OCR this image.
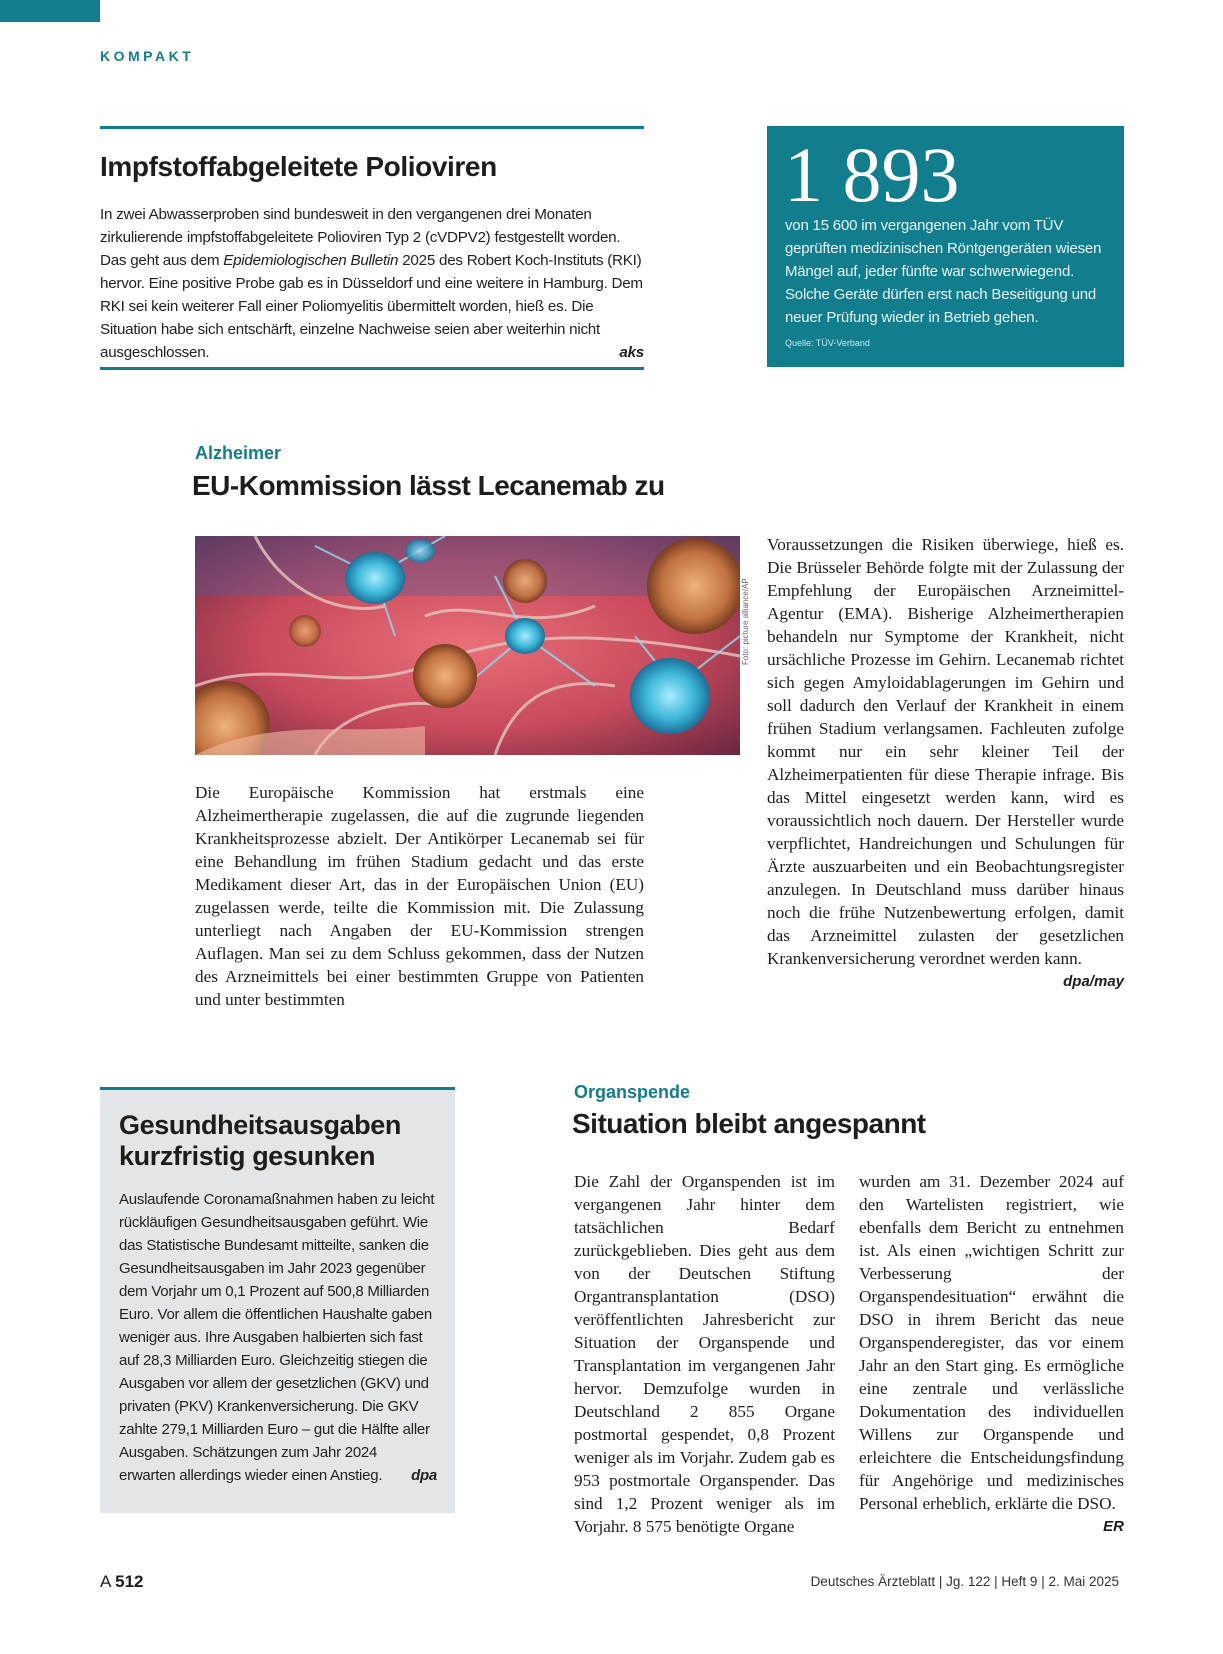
KOMPAKT
Impfstoffabgeleitete Polioviren
In zwei Abwasserproben sind bundesweit in den vergangenen drei Monaten zirkulierende impfstoffabgeleitete Polioviren Typ 2 (cVDPV2) festgestellt worden. Das geht aus dem Epidemiologischen Bulletin 2025 des Robert Koch-Instituts (RKI) hervor. Eine positive Probe gab es in Düsseldorf und eine weitere in Hamburg. Dem RKI sei kein weiterer Fall einer Poliomyelitis übermittelt worden, hieß es. Die Situation habe sich entschärft, einzelne Nachweise seien aber weiterhin nicht ausgeschlossen.	aks
1 893
von 15 600 im vergangenen Jahr vom TÜV geprüften medizinischen Röntgengeräten wiesen Mängel auf, jeder fünfte war schwerwiegend. Solche Geräte dürfen erst nach Beseitigung und neuer Prüfung wieder in Betrieb gehen.
Quelle: TÜV-Verband
Alzheimer
EU-Kommission lässt Lecanemab zu
Foto: picture alliance/AP
Die Europäische Kommission hat erstmals eine Alzheimertherapie zugelassen, die auf die zugrunde liegenden Krankheitsprozesse abzielt. Der Antikörper Lecanemab sei für eine Behandlung im frühen Stadium gedacht und das erste Medikament dieser Art, das in der Europäischen Union (EU) zugelassen werde, teilte die Kommission mit. Die Zulassung unterliegt nach Angaben der EU-Kommission strengen Auflagen. Man sei zu dem Schluss gekommen, dass der Nutzen des Arzneimittels bei einer bestimmten Gruppe von Patienten und unter bestimmten
Voraussetzungen die Risiken überwiege, hieß es. Die Brüsseler Behörde folgte mit der Zulassung der Empfehlung der Europäischen Arzneimittel-Agentur (EMA). Bisherige Alzheimertherapien behandeln nur Symptome der Krankheit, nicht ursächliche Prozesse im Gehirn. Lecanemab richtet sich gegen Amyloidablagerungen im Gehirn und soll dadurch den Verlauf der Krankheit in einem frühen Stadium verlangsamen. Fachleuten zufolge kommt nur ein sehr kleiner Teil der Alzheimerpatienten für diese Therapie infrage. Bis das Mittel eingesetzt werden kann, wird es voraussichtlich noch dauern. Der Hersteller wurde verpflichtet, Handreichungen und Schulungen für Ärzte auszuarbeiten und ein Beobachtungsregister anzulegen. In Deutschland muss darüber hinaus noch die frühe Nutzenbewertung erfolgen, damit das Arzneimittel zulasten der gesetzlichen Krankenversicherung verordnet werden kann.
dpa/may
Gesundheitsausgaben kurzfristig gesunken
Auslaufende Coronamaßnahmen haben zu leicht rückläufigen Gesundheitsausgaben geführt. Wie das Statistische Bundesamt mitteilte, sanken die Gesundheitsausgaben im Jahr 2023 gegenüber dem Vorjahr um 0,1 Prozent auf 500,8 Milliarden Euro. Vor allem die öffentlichen Haushalte gaben weniger aus. Ihre Ausgaben halbierten sich fast auf 28,3 Milliarden Euro. Gleichzeitig stiegen die Ausgaben vor allem der gesetzlichen (GKV) und privaten (PKV) Krankenversicherung. Die GKV zahlte 279,1 Milliarden Euro – gut die Hälfte aller Ausgaben. Schätzungen zum Jahr 2024 erwarten allerdings wieder einen Anstieg. dpa
Organspende
Situation bleibt angespannt
Die Zahl der Organspenden ist im vergangenen Jahr hinter dem tatsächlichen Bedarf zurückgeblieben. Dies geht aus dem von der Deutschen Stiftung Organtransplantation (DSO) veröffentlichten Jahresbericht zur Situation der Organspende und Transplantation im vergangenen Jahr hervor. Demzufolge wurden in Deutschland 2 855 Organe postmortal gespendet, 0,8 Prozent weniger als im Vorjahr. Zudem gab es 953 postmortale Organspender. Das sind 1,2 Prozent weniger als im Vorjahr. 8 575 benötigte Organe
wurden am 31. Dezember 2024 auf den Wartelisten registriert, wie ebenfalls dem Bericht zu entnehmen ist. Als einen „wichtigen Schritt zur Verbesserung der Organspendesituation“ erwähnt die DSO in ihrem Bericht das neue Organspenderegister, das vor einem Jahr an den Start ging. Es ermögliche eine zentrale und verlässliche Dokumentation des individuellen Willens zur Organspende und erleichtere die Entscheidungsfindung für Angehörige und medizinisches Personal erheblich, erklärte die DSO.
ER
A 512	Deutsches Ärzteblatt | Jg. 122 | Heft 9 | 2. Mai 2025
